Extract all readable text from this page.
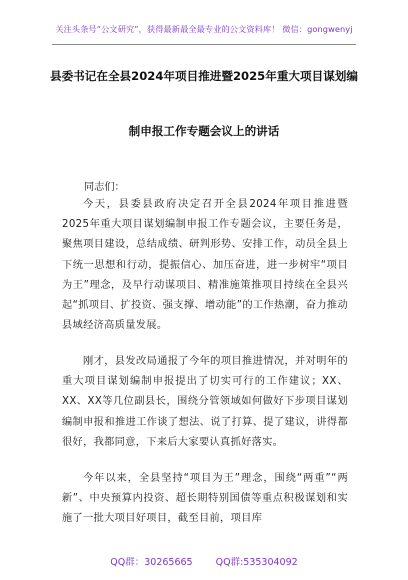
关注头条号“公文研究”，获得最新最全最专业的公文资料库！ 微信：gongwenyj
县委书记在全县2024年项目推进暨2025年重大项目谋划编
制申报工作专题会议上的讲话
同志们：
今天，县委县政府决定召开全县2024年项目推进暨2025年重大项目谋划编制申报工作专题会议，主要任务是，聚焦项目建设，总结成绩、研判形势、安排工作，动员全县上下统一思想和行动，提振信心、加压奋进，进一步树牢“项目为王”理念，及早行动谋项目、精准施策推项目持续在全县兴起“抓项目、扩投资、强支撑、增动能”的工作热潮，奋力推动县域经济高质量发展。
刚才，县发改局通报了今年的项目推进情况，并对明年的重大项目谋划编制申报提出了切实可行的工作建议；XX、XX、XX等几位副县长，围绕分管领域如何做好下步项目谋划编制申报和推进工作谈了想法、说了打算、提了建议，讲得都很好，我都同意，下来后大家要认真抓好落实。
今年以来，全县坚持“项目为王”理念，围绕“两重”“两新”、中央预算内投资、超长期特别国债等重点积极谋划和实施了一批大项目好项目，截至目前，项目库
QQ群：30265665 QQ群:535304092
